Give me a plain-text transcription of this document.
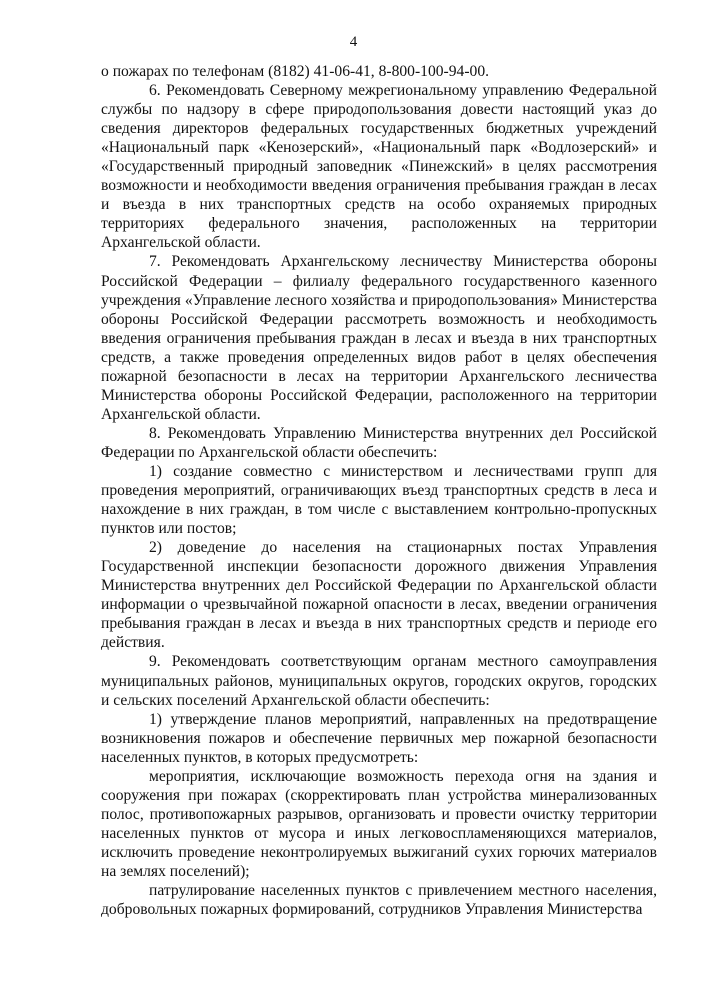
4

о пожарах по телефонам (8182) 41-06-41, 8-800-100-94-00.

6. Рекомендовать Северному межрегиональному управлению Федеральной службы по надзору в сфере природопользования довести настоящий указ до сведения директоров федеральных государственных бюджетных учреждений «Национальный парк «Кенозерский», «Национальный парк «Водлозерский» и «Государственный природный заповедник «Пинежский» в целях рассмотрения возможности и необходимости введения ограничения пребывания граждан в лесах и въезда в них транспортных средств на особо охраняемых природных территориях федерального значения, расположенных на территории Архангельской области.

7. Рекомендовать Архангельскому лесничеству Министерства обороны Российской Федерации – филиалу федерального государственного казенного учреждения «Управление лесного хозяйства и природопользования» Министерства обороны Российской Федерации рассмотреть возможность и необходимость введения ограничения пребывания граждан в лесах и въезда в них транспортных средств, а также проведения определенных видов работ в целях обеспечения пожарной безопасности в лесах на территории Архангельского лесничества Министерства обороны Российской Федерации, расположенного на территории Архангельской области.

8. Рекомендовать Управлению Министерства внутренних дел Российской Федерации по Архангельской области обеспечить:

1) создание совместно с министерством и лесничествами групп для проведения мероприятий, ограничивающих въезд транспортных средств в леса и нахождение в них граждан, в том числе с выставлением контрольно-пропускных пунктов или постов;

2) доведение до населения на стационарных постах Управления Государственной инспекции безопасности дорожного движения Управления Министерства внутренних дел Российской Федерации по Архангельской области информации о чрезвычайной пожарной опасности в лесах, введении ограничения пребывания граждан в лесах и въезда в них транспортных средств и периоде его действия.

9. Рекомендовать соответствующим органам местного самоуправления муниципальных районов, муниципальных округов, городских округов, городских и сельских поселений Архангельской области обеспечить:

1) утверждение планов мероприятий, направленных на предотвращение возникновения пожаров и обеспечение первичных мер пожарной безопасности населенных пунктов, в которых предусмотреть:

мероприятия, исключающие возможность перехода огня на здания и сооружения при пожарах (скорректировать план устройства минерализованных полос, противопожарных разрывов, организовать и провести очистку территории населенных пунктов от мусора и иных легковоспламеняющихся материалов, исключить проведение неконтролируемых выжиганий сухих горючих материалов на землях поселений);

патрулирование населенных пунктов с привлечением местного населения, добровольных пожарных формирований, сотрудников Управления Министерства
